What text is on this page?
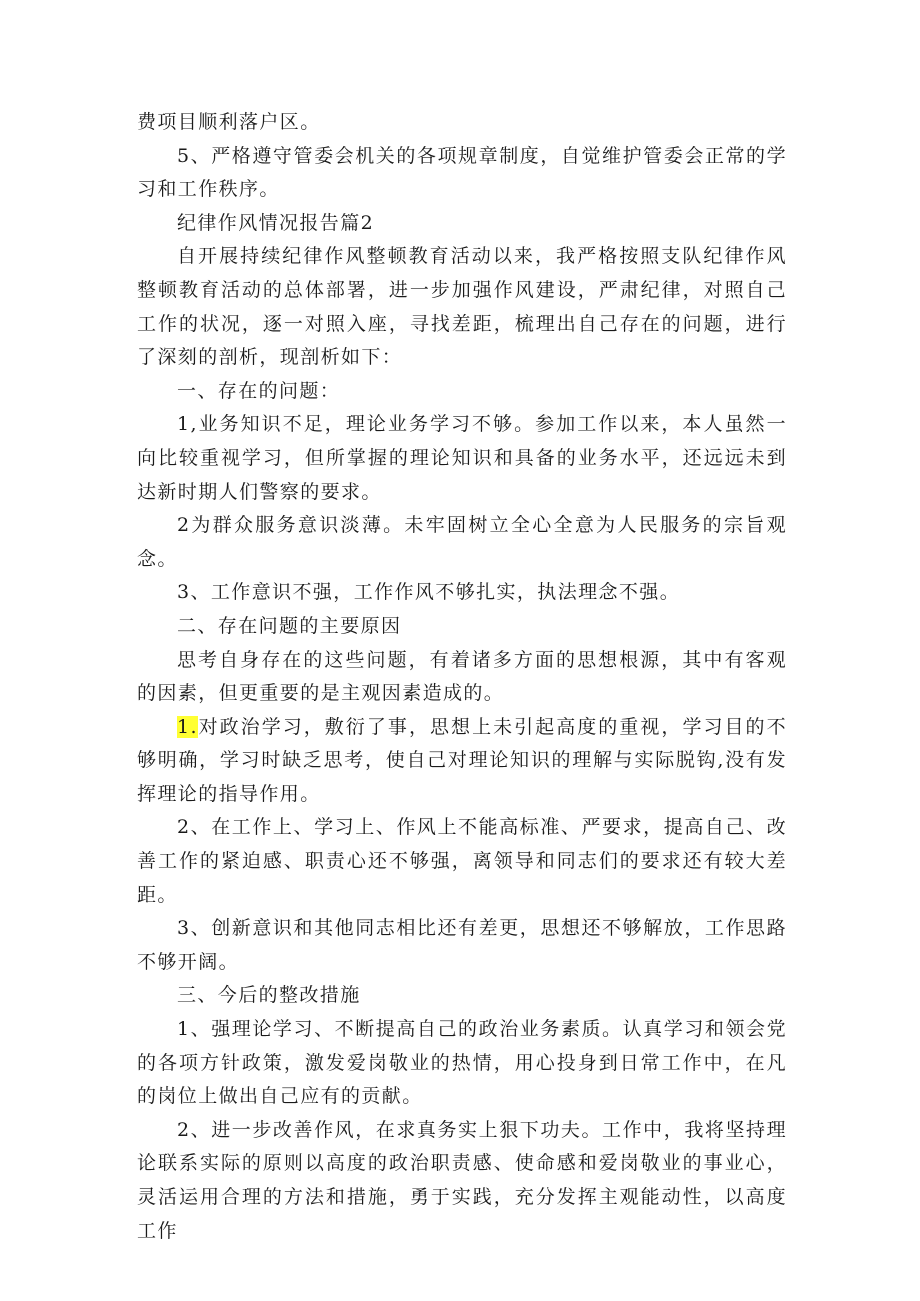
费项目顺利落户区。

5、严格遵守管委会机关的各项规章制度，自觉维护管委会正常的学习和工作秩序。

纪律作风情况报告篇2

自开展持续纪律作风整顿教育活动以来，我严格按照支队纪律作风整顿教育活动的总体部署，进一步加强作风建设，严肃纪律，对照自己工作的状况，逐一对照入座，寻找差距，梳理出自己存在的问题，进行了深刻的剖析，现剖析如下：

一、存在的问题：

1,业务知识不足，理论业务学习不够。参加工作以来，本人虽然一向比较重视学习，但所掌握的理论知识和具备的业务水平，还远远未到达新时期人们警察的要求。

2为群众服务意识淡薄。未牢固树立全心全意为人民服务的宗旨观念。

3、工作意识不强，工作作风不够扎实，执法理念不强。

二、存在问题的主要原因

思考自身存在的这些问题，有着诸多方面的思想根源，其中有客观的因素，但更重要的是主观因素造成的。

1.对政治学习，敷衍了事，思想上未引起高度的重视，学习目的不够明确，学习时缺乏思考，使自己对理论知识的理解与实际脱钩,没有发挥理论的指导作用。

2、在工作上、学习上、作风上不能高标准、严要求，提高自己、改善工作的紧迫感、职责心还不够强，离领导和同志们的要求还有较大差距。

3、创新意识和其他同志相比还有差更，思想还不够解放，工作思路不够开阔。

三、今后的整改措施

1、强理论学习、不断提高自己的政治业务素质。认真学习和领会党的各项方针政策，激发爱岗敬业的热情，用心投身到日常工作中，在凡的岗位上做出自己应有的贡献。

2、进一步改善作风，在求真务实上狠下功夫。工作中，我将坚持理论联系实际的原则以高度的政治职责感、使命感和爱岗敬业的事业心，灵活运用合理的方法和措施，勇于实践，充分发挥主观能动性，以高度工作
